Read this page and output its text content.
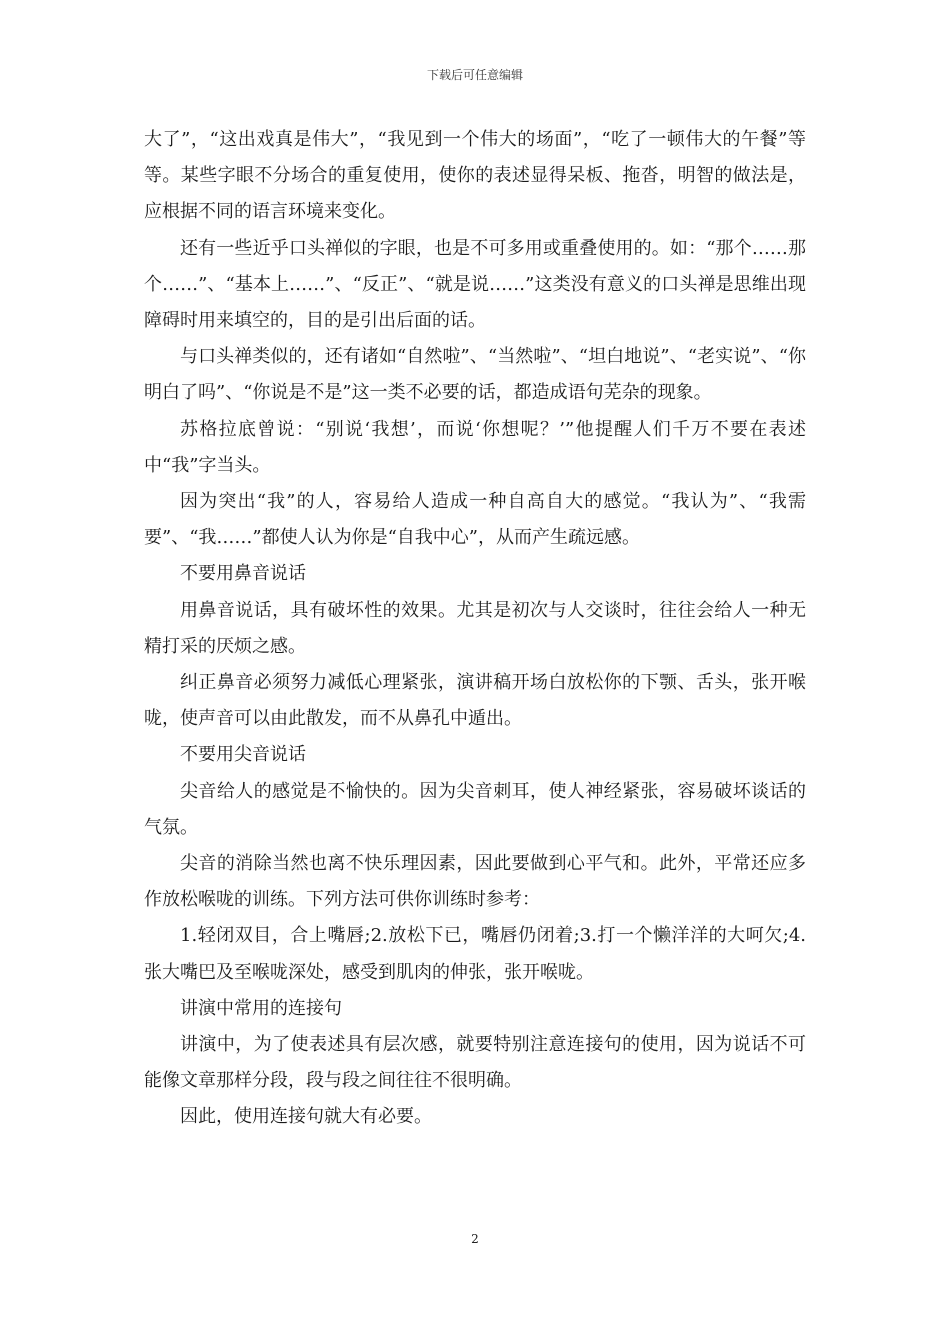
下载后可任意编辑

大了”，“这出戏真是伟大”，“我见到一个伟大的场面”，“吃了一顿伟大的午餐”等等。某些字眼不分场合的重复使用，使你的表述显得呆板、拖沓，明智的做法是，应根据不同的语言环境来变化。

还有一些近乎口头禅似的字眼，也是不可多用或重叠使用的。如：“那个……那个……”、“基本上……”、“反正”、“就是说……”这类没有意义的口头禅是思维出现障碍时用来填空的，目的是引出后面的话。

与口头禅类似的，还有诸如“自然啦”、“当然啦”、“坦白地说”、“老实说”、“你明白了吗”、“你说是不是”这一类不必要的话，都造成语句芜杂的现象。

苏格拉底曾说：“别说‘我想’，而说‘你想呢？’”他提醒人们千万不要在表述中“我”字当头。

因为突出“我”的人，容易给人造成一种自高自大的感觉。“我认为”、“我需要”、“我……”都使人认为你是“自我中心”，从而产生疏远感。

不要用鼻音说话

用鼻音说话，具有破坏性的效果。尤其是初次与人交谈时，往往会给人一种无精打采的厌烦之感。

纠正鼻音必须努力减低心理紧张，演讲稿开场白放松你的下颚、舌头，张开喉咙，使声音可以由此散发，而不从鼻孔中遁出。

不要用尖音说话

尖音给人的感觉是不愉快的。因为尖音刺耳，使人神经紧张，容易破坏谈话的气氛。

尖音的消除当然也离不快乐理因素，因此要做到心平气和。此外，平常还应多作放松喉咙的训练。下列方法可供你训练时参考：

1.轻闭双目，合上嘴唇;2.放松下已，嘴唇仍闭着;3.打一个懒洋洋的大呵欠;4.张大嘴巴及至喉咙深处，感受到肌肉的伸张，张开喉咙。

讲演中常用的连接句

讲演中，为了使表述具有层次感，就要特别注意连接句的使用，因为说话不可能像文章那样分段，段与段之间往往不很明确。

因此，使用连接句就大有必要。

2
